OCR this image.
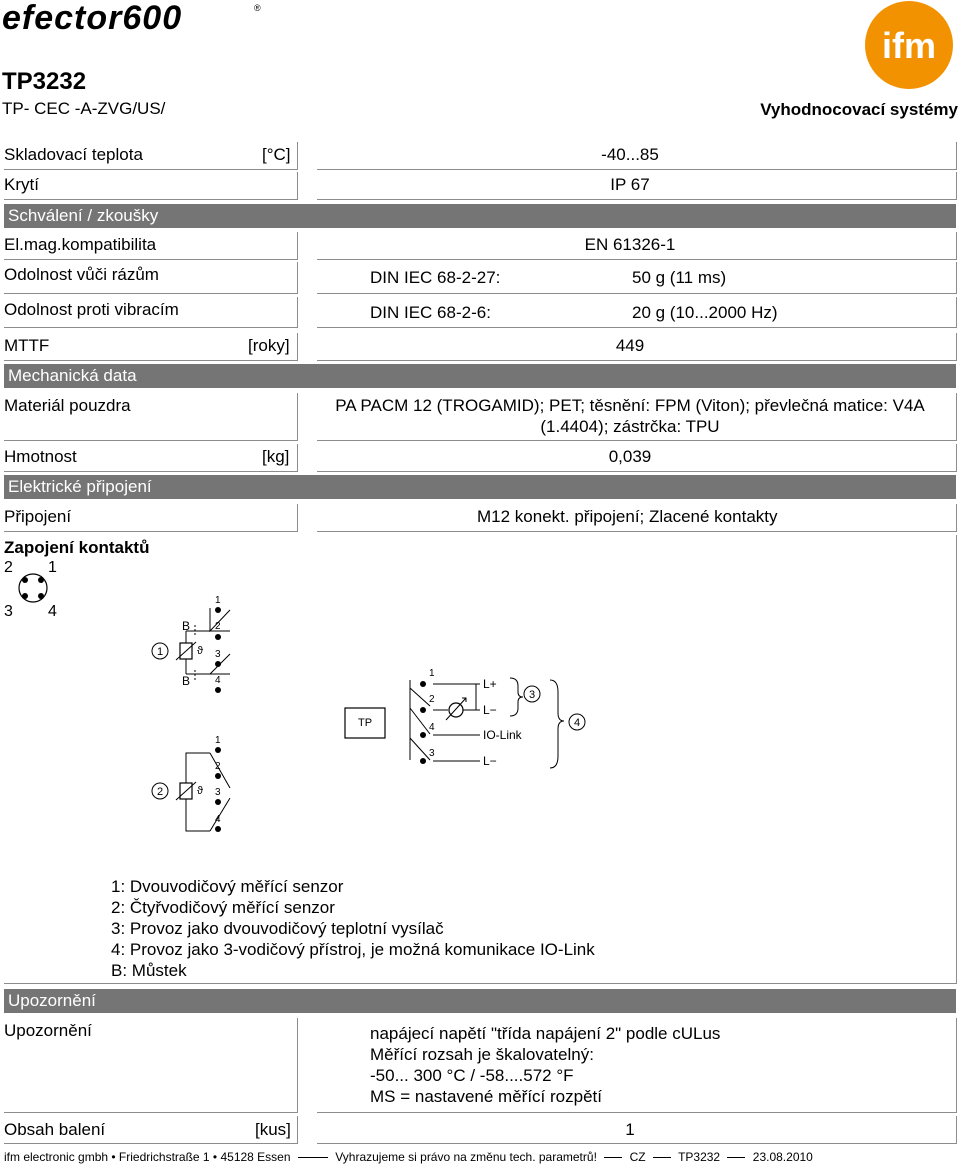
efector600	®
ifm
TP3232
TP- CEC -A-ZVG/US/	Vyhodnocovací systémy
Skladovací teplota	[°C]	-40...85
Krytí	IP 67
Schválení / zkoušky
El.mag.kompatibilita	EN 61326-1
Odolnost vůči rázům	DIN IEC 68-2-27:	50 g (11 ms)
Odolnost proti vibracím	DIN IEC 68-2-6:	20 g (10...2000 Hz)
MTTF	[roky]	449
Mechanická data
Materiál pouzdra	PA PACM 12 (TROGAMID); PET; těsnění: FPM (Viton); převlečná matice: V4A
(1.4404); zástrčka: TPU
Hmotnost	[kg]	0,039
Elektrické připojení
Připojení	M12 konekt. připojení; Zlacené kontakty
Zapojení kontaktů
2 1
3 4
1	ϑ
B
B
1
2
3
4
2	ϑ
1
2
3
4
TP
1
2
4
3
L+
L−
IO-Link
L−
3
4
1: Dvouvodičový měřící senzor
2: Čtyřvodičový měřící senzor
3: Provoz jako dvouvodičový teplotní vysílač
4: Provoz jako 3-vodičový přístroj, je možná komunikace IO-Link
B: Můstek
Upozornění
Upozornění	napájecí napětí "třída napájení 2" podle cULus
Měřící rozsah je škalovatelný:
-50... 300 °C / -58....572 °F
MS = nastavené měřící rozpětí
Obsah balení	[kus]	1
ifm electronic gmbh • Friedrichstraße 1 • 45128 Essen	Vyhrazujeme si právo na změnu tech. parametrů!	CZ	TP3232	23.08.2010
